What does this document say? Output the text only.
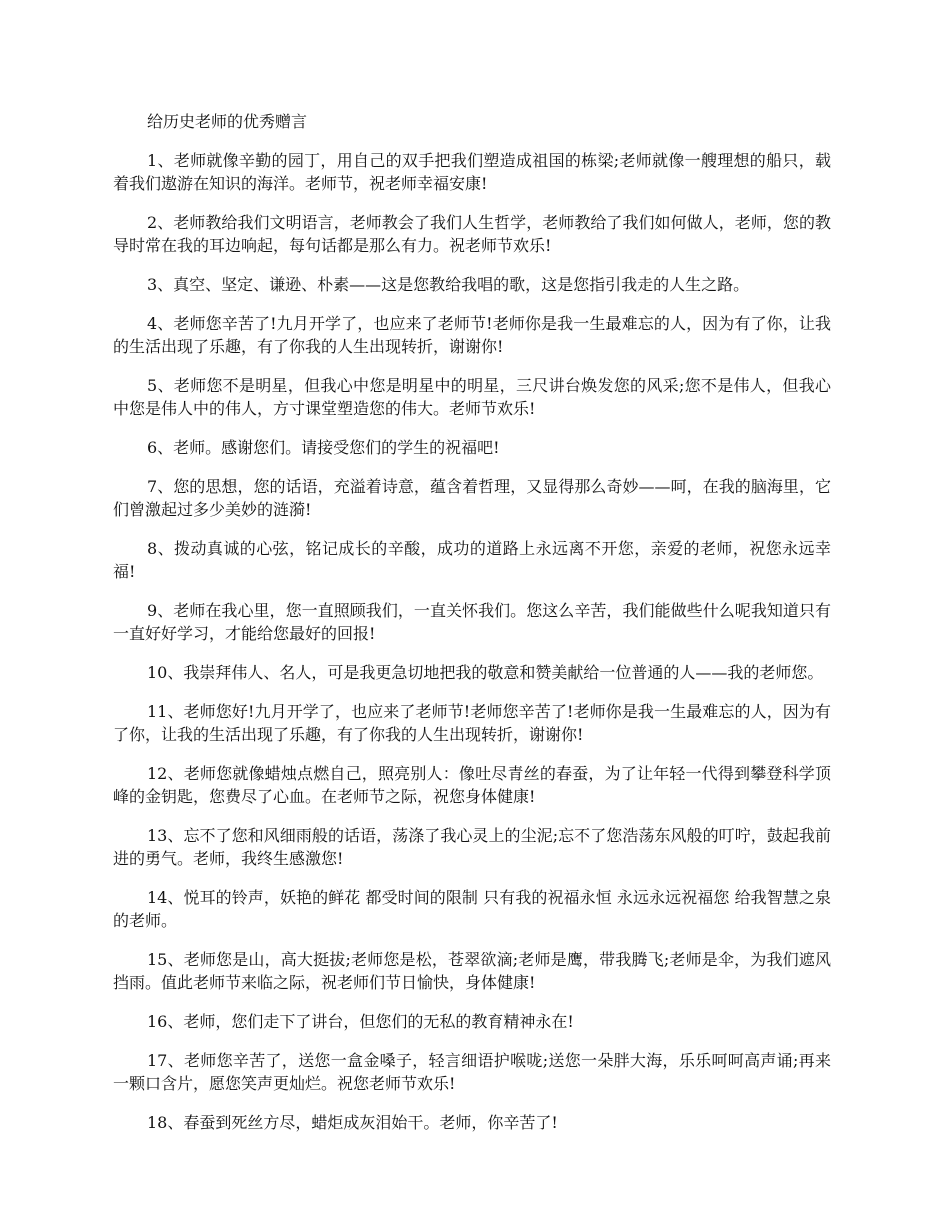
给历史老师的优秀赠言

1、老师就像辛勤的园丁，用自己的双手把我们塑造成祖国的栋梁;老师就像一艘理想的船只，载着我们遨游在知识的海洋。老师节，祝老师幸福安康!

2、老师教给我们文明语言，老师教会了我们人生哲学，老师教给了我们如何做人，老师，您的教导时常在我的耳边响起，每句话都是那么有力。祝老师节欢乐!

3、真空、坚定、谦逊、朴素——这是您教给我唱的歌，这是您指引我走的人生之路。

4、老师您辛苦了!九月开学了，也应来了老师节!老师你是我一生最难忘的人，因为有了你，让我的生活出现了乐趣，有了你我的人生出现转折，谢谢你!

5、老师您不是明星，但我心中您是明星中的明星，三尺讲台焕发您的风采;您不是伟人，但我心中您是伟人中的伟人，方寸课堂塑造您的伟大。老师节欢乐!

6、老师。感谢您们。请接受您们的学生的祝福吧!

7、您的思想，您的话语，充溢着诗意，蕴含着哲理，又显得那么奇妙——呵，在我的脑海里，它们曾激起过多少美妙的涟漪!

8、拨动真诚的心弦，铭记成长的辛酸，成功的道路上永远离不开您，亲爱的老师，祝您永远幸福!

9、老师在我心里，您一直照顾我们，一直关怀我们。您这么辛苦，我们能做些什么呢我知道只有一直好好学习，才能给您最好的回报!

10、我崇拜伟人、名人，可是我更急切地把我的敬意和赞美献给一位普通的人——我的老师您。

11、老师您好!九月开学了，也应来了老师节!老师您辛苦了!老师你是我一生最难忘的人，因为有了你，让我的生活出现了乐趣，有了你我的人生出现转折，谢谢你!

12、老师您就像蜡烛点燃自己，照亮别人：像吐尽青丝的春蚕，为了让年轻一代得到攀登科学顶峰的金钥匙，您费尽了心血。在老师节之际，祝您身体健康!

13、忘不了您和风细雨般的话语，荡涤了我心灵上的尘泥;忘不了您浩荡东风般的叮咛，鼓起我前进的勇气。老师，我终生感激您!

14、悦耳的铃声，妖艳的鲜花 都受时间的限制 只有我的祝福永恒 永远永远祝福您 给我智慧之泉的老师。

15、老师您是山，高大挺拔;老师您是松，苍翠欲滴;老师是鹰，带我腾飞;老师是伞，为我们遮风挡雨。值此老师节来临之际，祝老师们节日愉快，身体健康!

16、老师，您们走下了讲台，但您们的无私的教育精神永在!

17、老师您辛苦了，送您一盒金嗓子，轻言细语护喉咙;送您一朵胖大海，乐乐呵呵高声诵;再来一颗口含片，愿您笑声更灿烂。祝您老师节欢乐!

18、春蚕到死丝方尽，蜡炬成灰泪始干。老师，你辛苦了!
